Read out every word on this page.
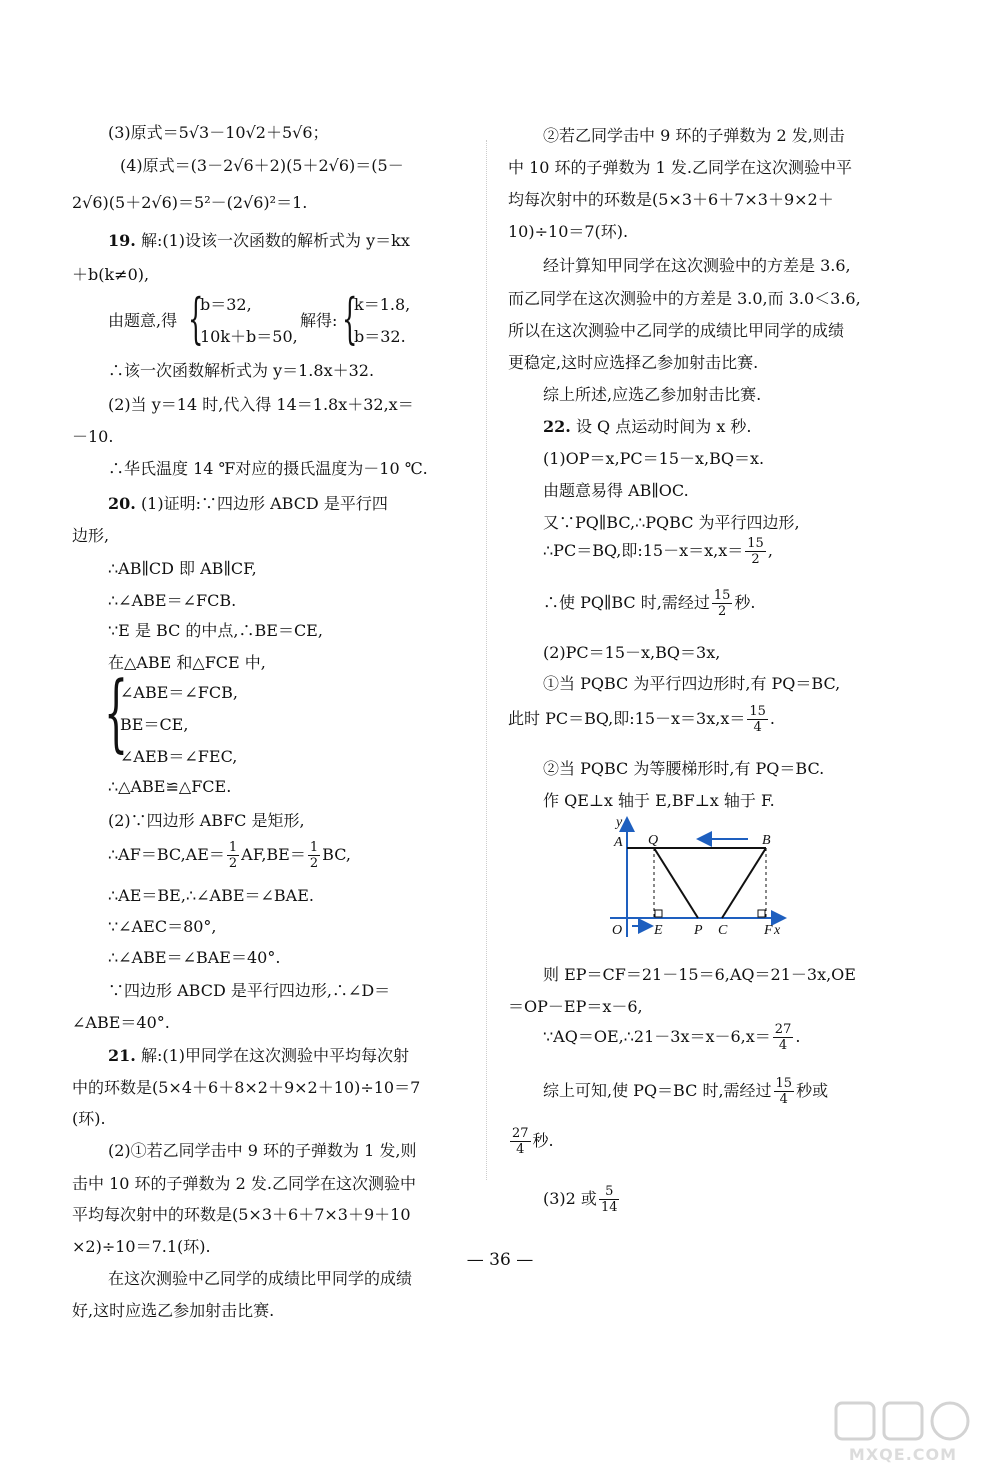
(3)原式＝5√3－10√2＋5√6；
(4)原式＝(3－2√6＋2)(5＋2√6)＝(5－
2√6)(5＋2√6)＝5²－(2√6)²＝1.
19. 解:(1)设该一次函数的解析式为 y＝kx
＋b(k≠0),
由题意,得 {
b＝32,
10k＋b＝50,
解得: {
k＝1.8,
b＝32.
∴该一次函数解析式为 y＝1.8x＋32.
(2)当 y＝14 时,代入得 14＝1.8x＋32,x＝
－10.
∴华氏温度 14 ℉对应的摄氏温度为－10 ℃.
20. (1)证明:∵四边形 ABCD 是平行四
边形,
∴AB∥CD 即 AB∥CF,
∴∠ABE＝∠FCB.
∵E 是 BC 的中点,∴BE＝CE,
在△ABE 和△FCE 中,
{
∠ABE＝∠FCB,
BE＝CE,
∠AEB＝∠FEC,
∴△ABE≌△FCE.
(2)∵四边形 ABFC 是矩形,
∴AF＝BC,AE＝ $\frac{1}{2} AF,BE= \frac{1}{2}$ BC,
∴AE＝BE,∴∠ABE＝∠BAE.
∵∠AEC＝80°,
∴∠ABE＝∠BAE＝40°.
∵四边形 ABCD 是平行四边形,∴∠D＝
∠ABE＝40°.
21. 解:(1)甲同学在这次测验中平均每次射
中的环数是(5×4＋6＋8×2＋9×2＋10)÷10＝7
(环).
(2)①若乙同学击中 9 环的子弹数为 1 发,则
击中 10 环的子弹数为 2 发.乙同学在这次测验中
平均每次射中的环数是(5×3＋6＋7×3＋9＋10
×2)÷10＝7.1(环).
在这次测验中乙同学的成绩比甲同学的成绩
好,这时应选乙参加射击比赛.
②若乙同学击中 9 环的子弹数为 2 发,则击
中 10 环的子弹数为 1 发.乙同学在这次测验中平
均每次射中的环数是(5×3＋6＋7×3＋9×2＋
10)÷10＝7(环).
经计算知甲同学在这次测验中的方差是 3.6,
而乙同学在这次测验中的方差是 3.0,而 3.0＜3.6,
所以在这次测验中乙同学的成绩比甲同学的成绩
更稳定,这时应选择乙参加射击比赛.
综上所述,应选乙参加射击比赛.
22. 设 Q 点运动时间为 x 秒.
(1)OP＝x,PC＝15－x,BQ＝x.
由题意易得 AB∥OC.
又∵PQ∥BC,∴PQBC 为平行四边形,
∴PC＝BQ,即:15－x＝x,x＝ $\frac{15}{2}$ ,
∴使 PQ∥BC 时,需经过 $\frac{15}{2}$ 秒.
(2)PC＝15－x,BQ＝3x,
①当 PQBC 为平行四边形时,有 PQ＝BC,
此时 PC＝BQ,即:15－x＝3x,x＝ $\frac{15}{4}$ .
②当 PQBC 为等腰梯形时,有 PQ＝BC.
作 QE⊥x 轴于 E,BF⊥x 轴于 F.
y
A Q	B
O E P C	F x
则 EP＝CF＝21－15＝6,AQ＝21－3x,OE
＝OP－EP＝x－6,
∵AQ＝OE,∴21－3x＝x－6,x＝ $\frac{27}{4}$ .
综上可知,使 PQ＝BC 时,需经过 $\frac{15}{4}$ 秒或
$\frac{27}{4}$ 秒.
(3)2 或 $\frac{5}{14}$
— 36 —
MXQE.COM
